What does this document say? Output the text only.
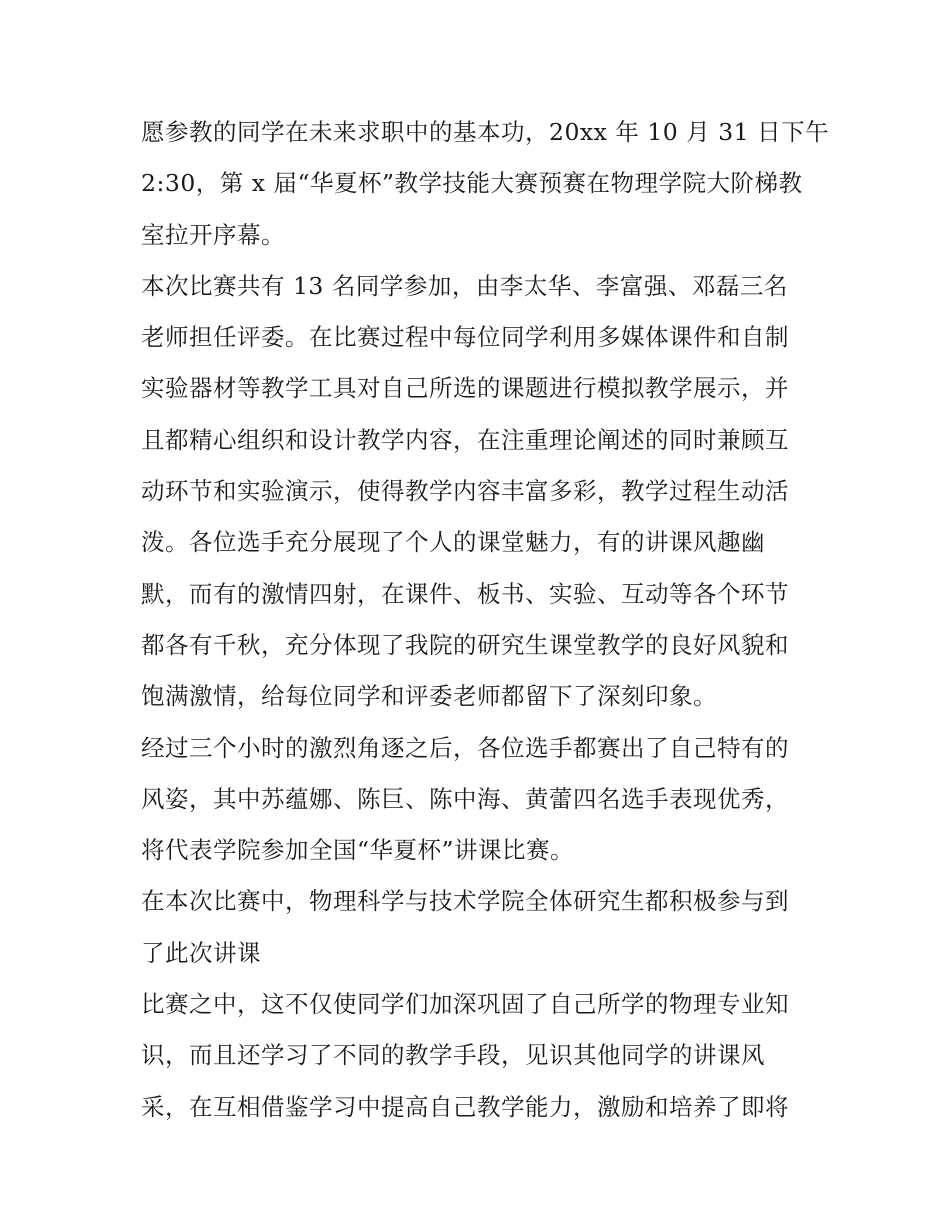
愿参教的同学在未来求职中的基本功，20xx 年 10 月 31 日下午
2:30，第 x 届“华夏杯”教学技能大赛预赛在物理学院大阶梯教
室拉开序幕。
本次比赛共有 13 名同学参加，由李太华、李富强、邓磊三名
老师担任评委。在比赛过程中每位同学利用多媒体课件和自制
实验器材等教学工具对自己所选的课题进行模拟教学展示，并
且都精心组织和设计教学内容，在注重理论阐述的同时兼顾互
动环节和实验演示，使得教学内容丰富多彩，教学过程生动活
泼。各位选手充分展现了个人的课堂魅力，有的讲课风趣幽
默，而有的激情四射，在课件、板书、实验、互动等各个环节
都各有千秋，充分体现了我院的研究生课堂教学的良好风貌和
饱满激情，给每位同学和评委老师都留下了深刻印象。
经过三个小时的激烈角逐之后，各位选手都赛出了自己特有的
风姿，其中苏蕴娜、陈巨、陈中海、黄蕾四名选手表现优秀，
将代表学院参加全国“华夏杯”讲课比赛。
在本次比赛中，物理科学与技术学院全体研究生都积极参与到
了此次讲课
比赛之中，这不仅使同学们加深巩固了自己所学的物理专业知
识，而且还学习了不同的教学手段，见识其他同学的讲课风
采，在互相借鉴学习中提高自己教学能力，激励和培养了即将
